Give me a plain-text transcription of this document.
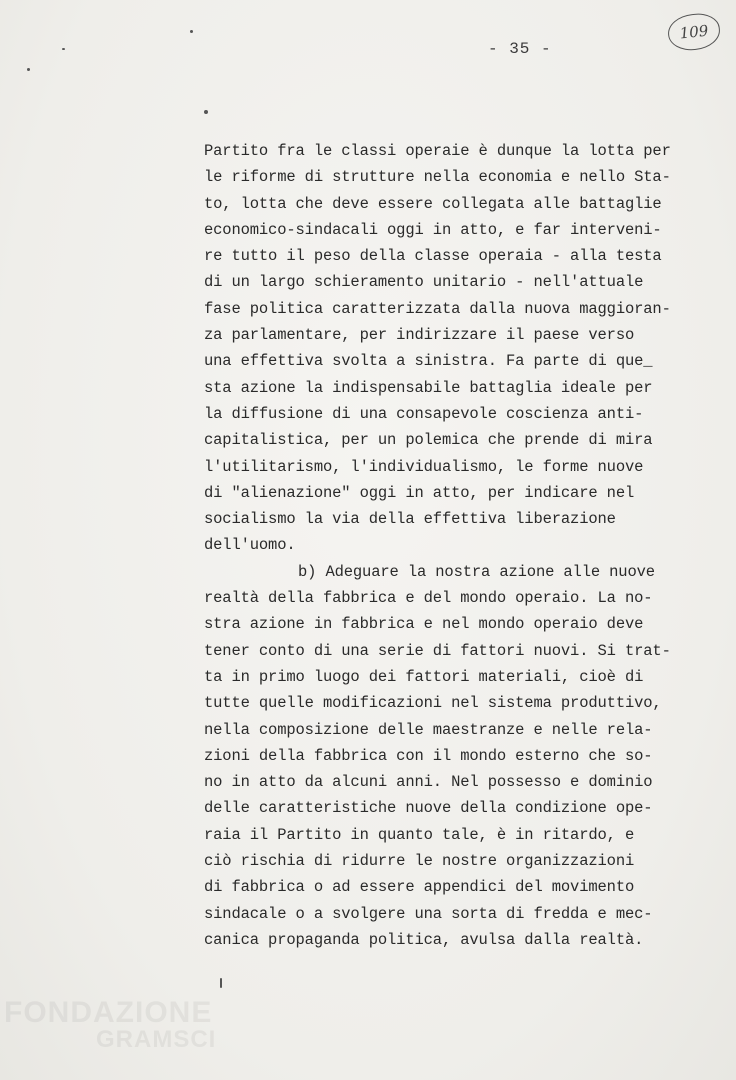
- 35 -
109
Partito fra le classi operaie è dunque la lotta per
le riforme di strutture nella economia e nello Sta-
to, lotta che deve essere collegata alle battaglie
economico-sindacali oggi in atto, e far interveni-
re tutto il peso della classe operaia - alla testa
di un largo schieramento unitario - nell'attuale
fase politica caratterizzata dalla nuova maggioran-
za parlamentare, per indirizzare il paese verso
una effettiva svolta a sinistra. Fa parte di que_
sta azione la indispensabile battaglia ideale per
la diffusione di una consapevole coscienza anti-
capitalistica, per un polemica che prende di mira
l'utilitarismo, l'individualismo, le forme nuove
di "alienazione" oggi in atto, per indicare nel
socialismo la via della effettiva liberazione
dell'uomo.
b) Adeguare la nostra azione alle nuove
realtà della fabbrica e del mondo operaio. La no-
stra azione in fabbrica e nel mondo operaio deve
tener conto di una serie di fattori nuovi. Si trat-
ta in primo luogo dei fattori materiali, cioè di
tutte quelle modificazioni nel sistema produttivo,
nella composizione delle maestranze e nelle rela-
zioni della fabbrica con il mondo esterno che so-
no in atto da alcuni anni. Nel possesso e dominio
delle caratteristiche nuove della condizione ope-
raia il Partito in quanto tale, è in ritardo, e
ciò rischia di ridurre le nostre organizzazioni
di fabbrica o ad essere appendici del movimento
sindacale o a svolgere una sorta di fredda e mec-
canica propaganda politica, avulsa dalla realtà.
FONDAZIONE
GRAMSCI
